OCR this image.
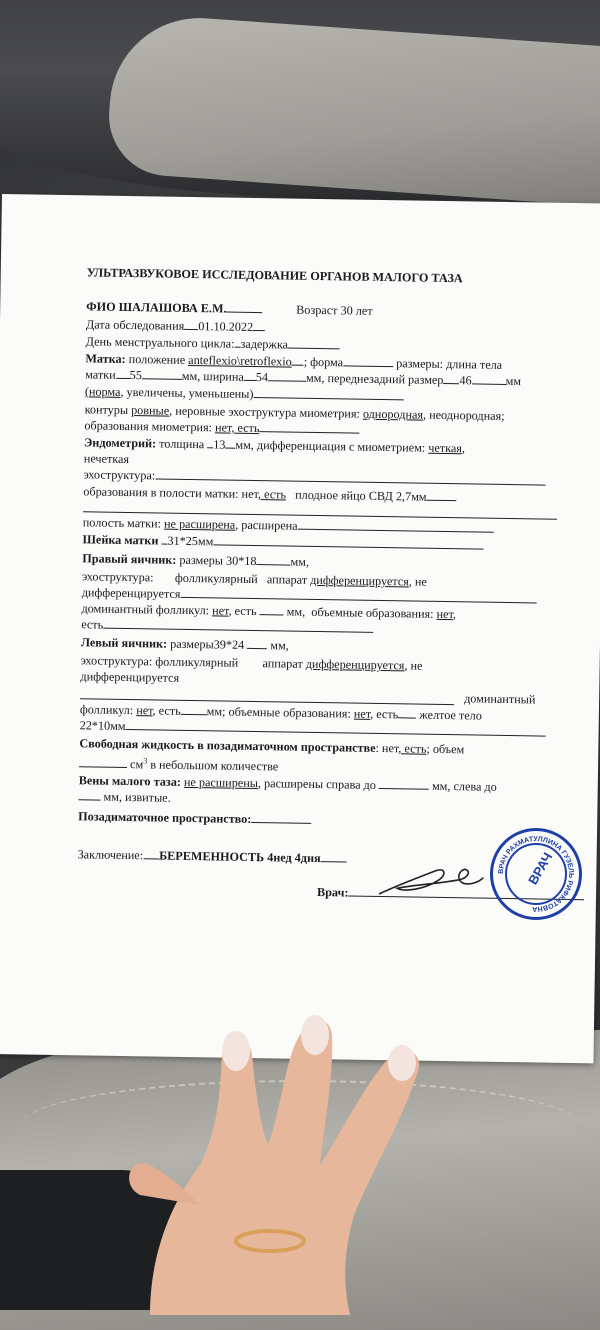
УЛЬТРАЗВУКОВОЕ ИССЛЕДОВАНИЕ ОРГАНОВ МАЛОГО ТАЗА
ФИО ШАЛАШОВА Е.М.	Возраст 30 лет
Дата обследования 01.10.2022
День менструального цикла: задержка
Матка: положение anteflexio\retroflexio ; форма	размеры: длина тела
матки 55	мм, ширина 54	мм, переднезадний размер 46	мм
(норма, увеличены, уменьшены)
контуры ровные, неровные эхоструктура миометрия: однородная, неоднородная;
образования миометрия: нет, есть
Эндометрий: толщина 13 мм, дифференциация с миометрием: четкая,
нечеткая
эхоструктура:
образования в полости матки: нет, есть плодное яйцо СВД 2,7мм
полость матки: не расширена, расширена
Шейка матки 31*25мм
Правый яичник: размеры 30*18	мм,
эхоструктура: фолликулярный аппарат дифференцируется, не
дифференцируется
доминантный фолликул: нет, есть мм, объемные образования: нет,
есть
Левый яичник: размеры39*24 мм,
эхоструктура: фолликулярный аппарат дифференцируется, не
дифференцируется
доминантный
фолликул: нет, есть мм; объемные образования: нет, есть желтое тело
22*10мм
Свободная жидкость в позадиматочном пространстве: нет, есть; объем
$см^3$ в небольшом количестве
Вены малого таза: не расширены, расширены справа до	мм, слева до
мм, извитые.
Позадиматочное пространство:
Заключение: БЕРЕМЕННОСТЬ 4нед 4дня
Врач:
ВРАЧ РАХМАТУЛЛИНА ГУЗЕЛЬ РИФКАТОВНА
ВРАЧ
